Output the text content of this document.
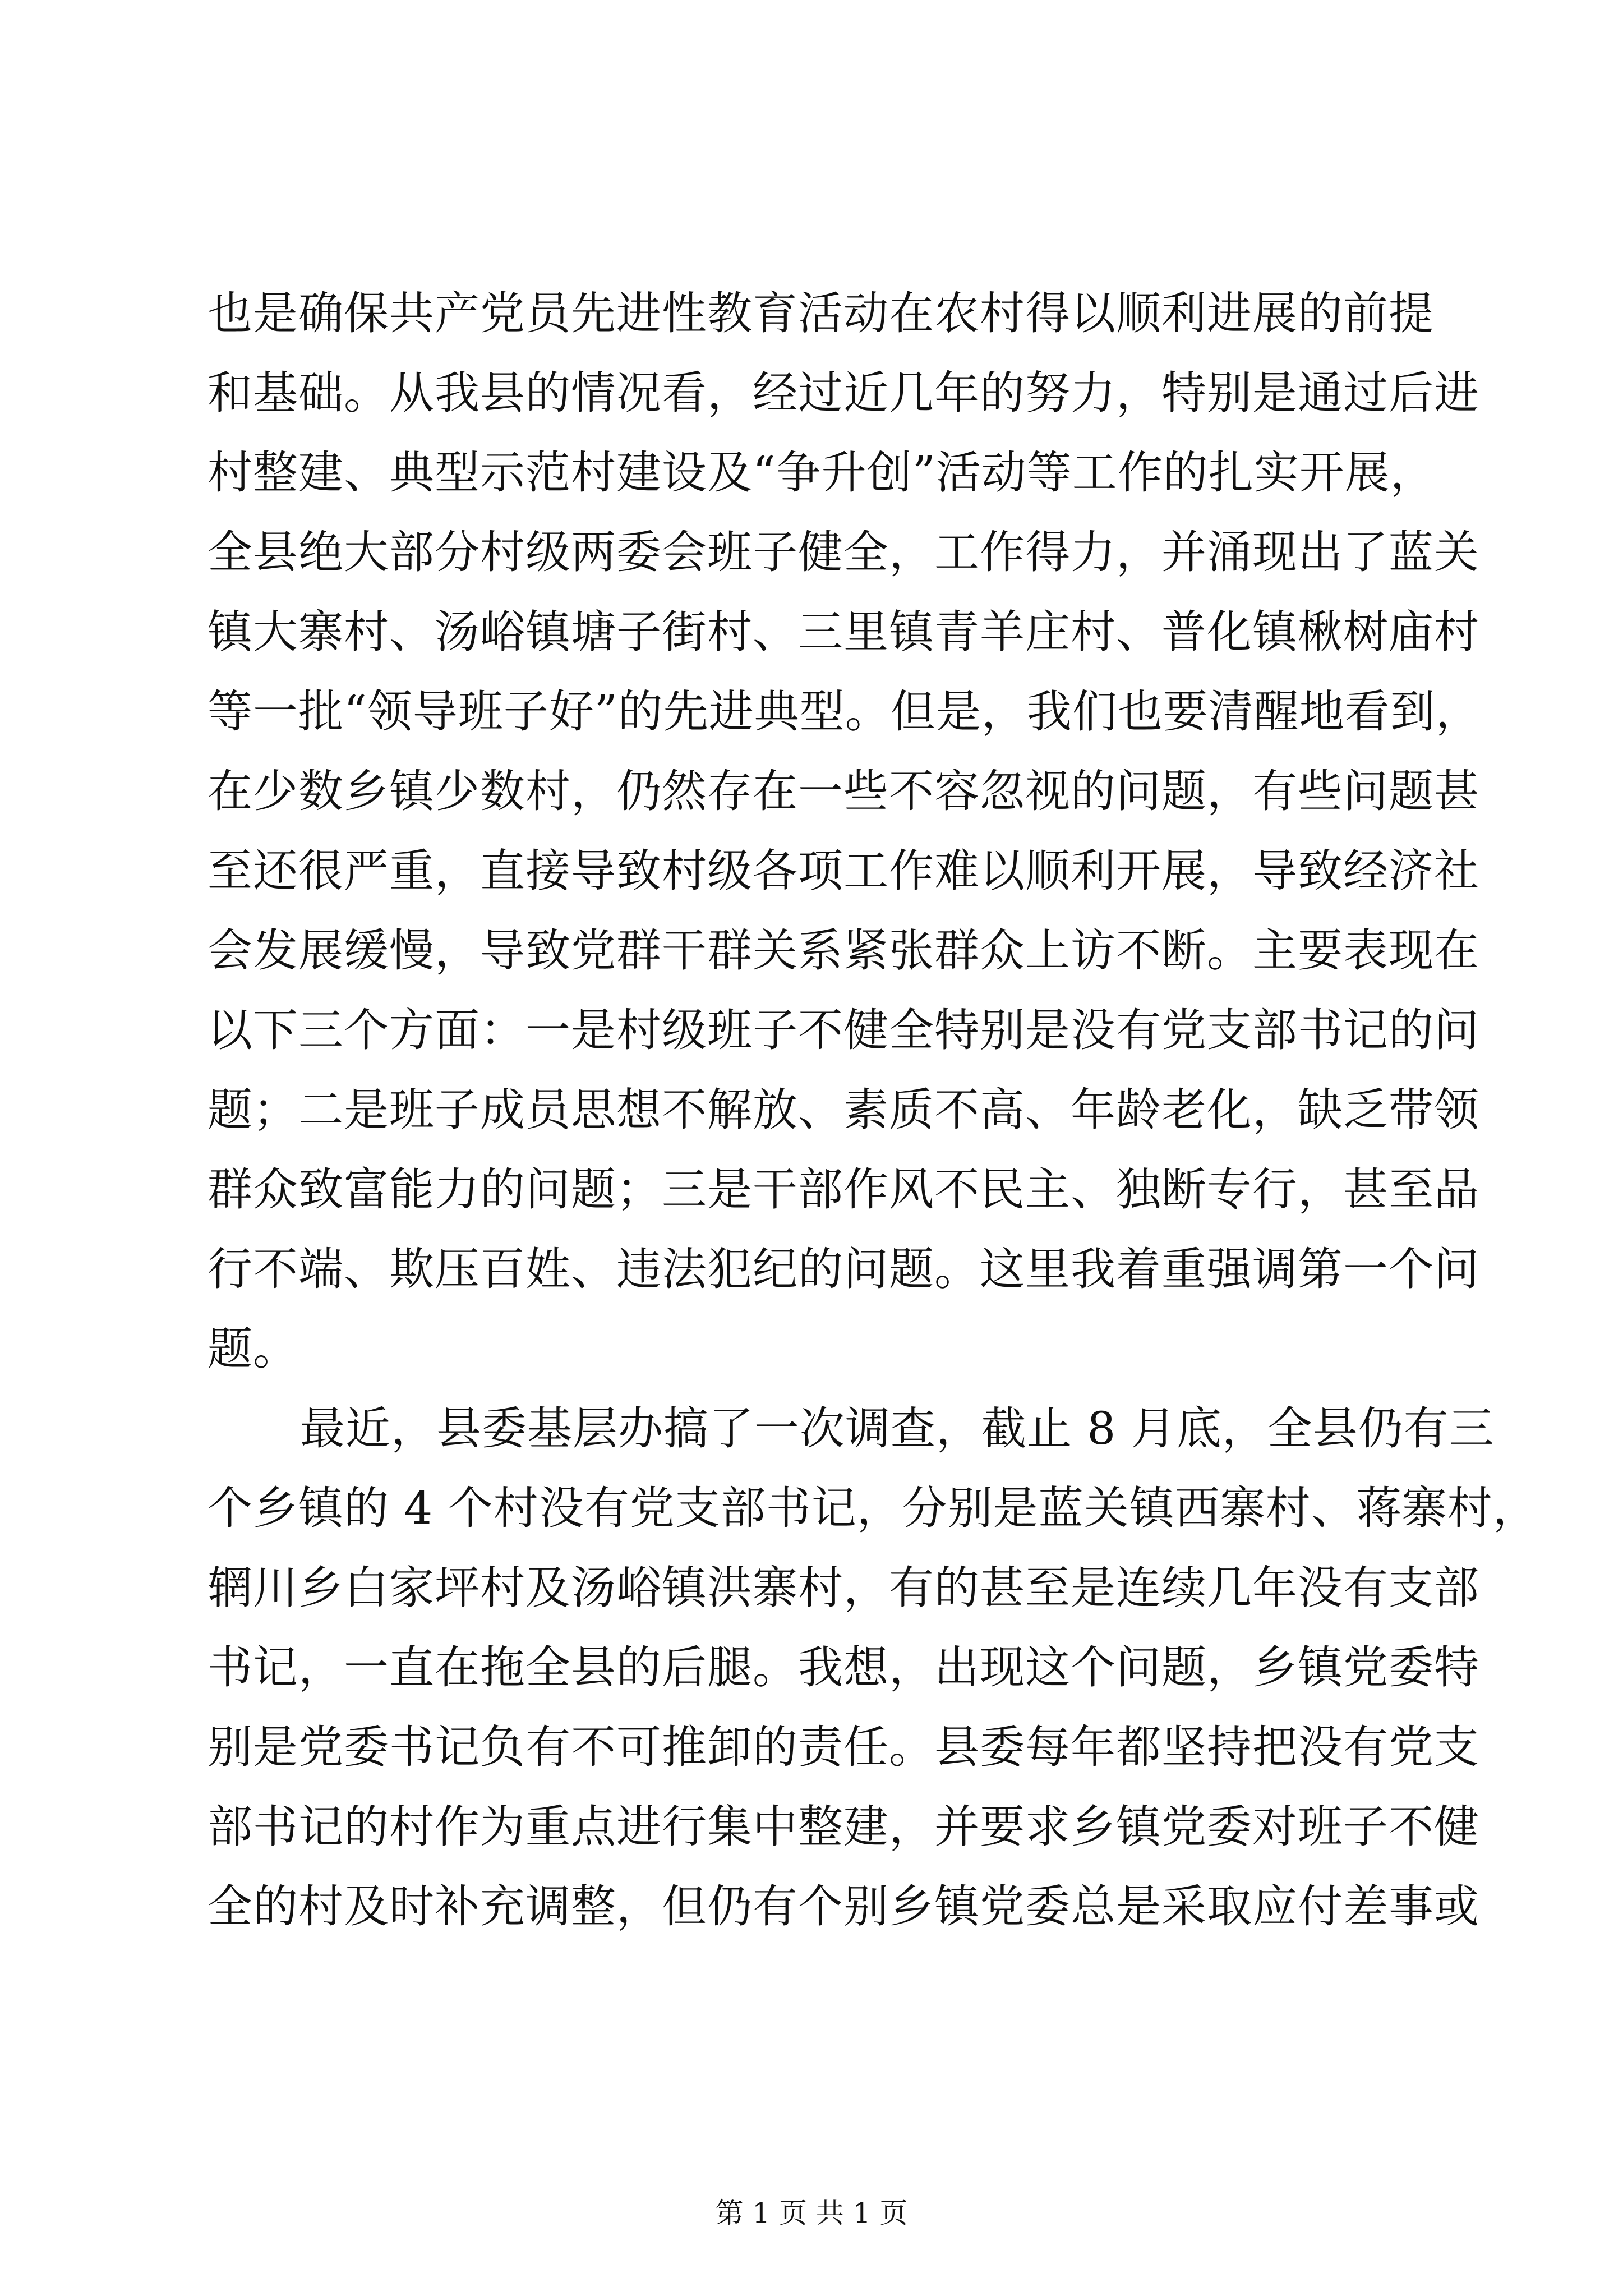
也是确保共产党员先进性教育活动在农村得以顺利进展的前提
和基础。从我县的情况看，经过近几年的努力，特别是通过后进
村整建、典型示范村建设及“争升创”活动等工作的扎实开展，
全县绝大部分村级两委会班子健全，工作得力，并涌现出了蓝关
镇大寨村、汤峪镇塘子街村、三里镇青羊庄村、普化镇楸树庙村
等一批“领导班子好”的先进典型。但是，我们也要清醒地看到，
在少数乡镇少数村，仍然存在一些不容忽视的问题，有些问题甚
至还很严重，直接导致村级各项工作难以顺利开展，导致经济社
会发展缓慢，导致党群干群关系紧张群众上访不断。主要表现在
以下三个方面：一是村级班子不健全特别是没有党支部书记的问
题；二是班子成员思想不解放、素质不高、年龄老化，缺乏带领
群众致富能力的问题；三是干部作风不民主、独断专行，甚至品
行不端、欺压百姓、违法犯纪的问题。这里我着重强调第一个问
题。
最近，县委基层办搞了一次调查，截止 8 月底，全县仍有三
个乡镇的 4 个村没有党支部书记，分别是蓝关镇西寨村、蒋寨村，
辋川乡白家坪村及汤峪镇洪寨村，有的甚至是连续几年没有支部
书记，一直在拖全县的后腿。我想，出现这个问题，乡镇党委特
别是党委书记负有不可推卸的责任。县委每年都坚持把没有党支
部书记的村作为重点进行集中整建，并要求乡镇党委对班子不健
全的村及时补充调整，但仍有个别乡镇党委总是采取应付差事或
第 1 页 共 1 页
